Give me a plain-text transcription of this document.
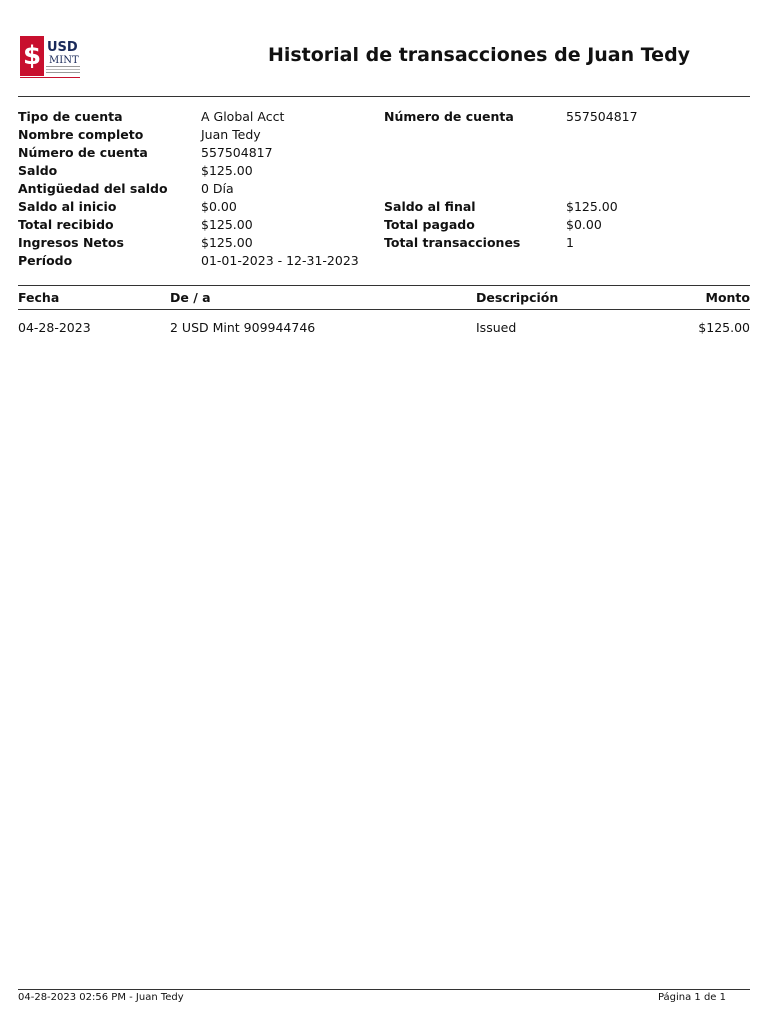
$ USD
MINT	Historial de transacciones de Juan Tedy
Tipo de cuenta	A Global Acct	Número de cuenta	557504817
Nombre completo	Juan Tedy
Número de cuenta	557504817
Saldo	$125.00
Antigüedad del saldo	0 Día
Saldo al inicio	$0.00	Saldo al final	$125.00
Total recibido	$125.00	Total pagado	$0.00
Ingresos Netos	$125.00	Total transacciones	1
Período	01-01-2023 - 12-31-2023
Fecha	De / a	Descripción	Monto
04-28-2023	2 USD Mint 909944746	Issued	$125.00
04-28-2023 02:56 PM - Juan Tedy	Página 1 de 1
